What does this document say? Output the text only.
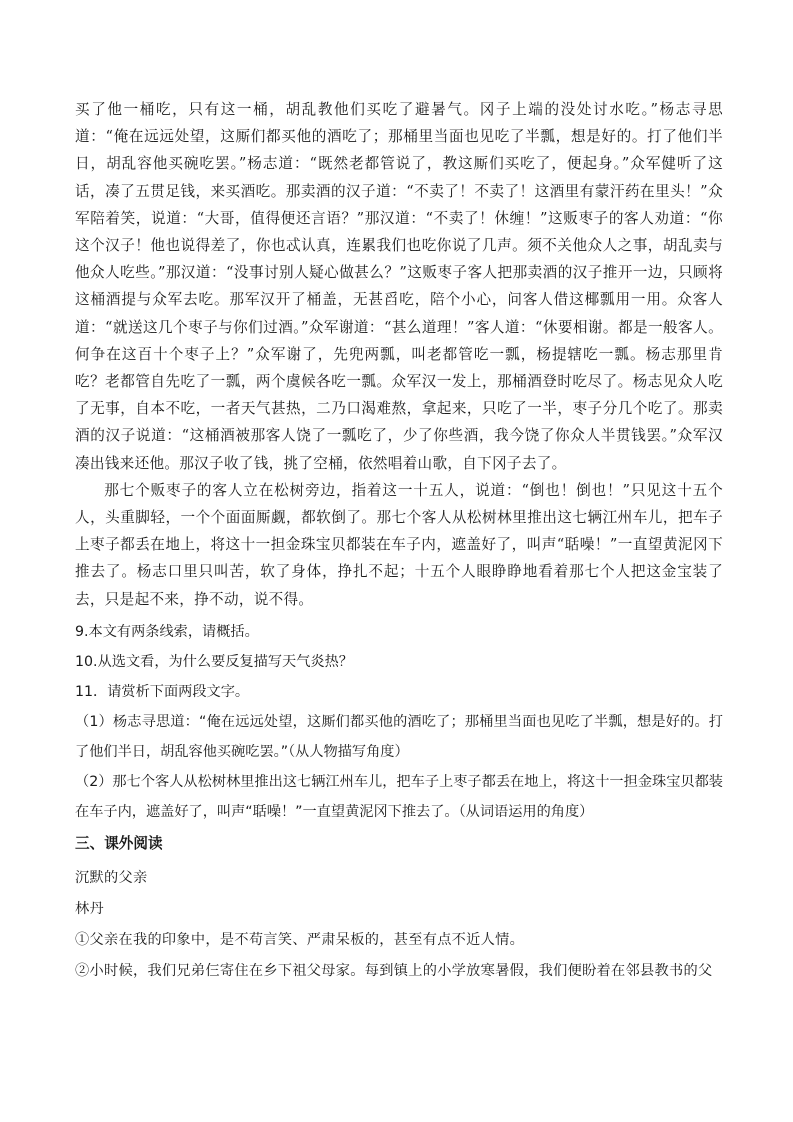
买了他一桶吃，只有这一桶，胡乱教他们买吃了避暑气。冈子上端的没处讨水吃。”杨志寻思道：“俺在远远处望，这厮们都买他的酒吃了；那桶里当面也见吃了半瓢，想是好的。打了他们半日，胡乱容他买碗吃罢。”杨志道：“既然老都管说了，教这厮们买吃了，便起身。”众军健听了这话，凑了五贯足钱，来买酒吃。那卖酒的汉子道：“不卖了！不卖了！这酒里有蒙汗药在里头！”众军陪着笑，说道：“大哥，值得便还言语？”那汉道：“不卖了！休缠！”这贩枣子的客人劝道：“你这个汉子！他也说得差了，你也忒认真，连累我们也吃你说了几声。须不关他众人之事，胡乱卖与他众人吃些。”那汉道：“没事讨别人疑心做甚么？”这贩枣子客人把那卖酒的汉子推开一边，只顾将这桶酒提与众军去吃。那军汉开了桶盖，无甚舀吃，陪个小心，问客人借这椰瓢用一用。众客人道：“就送这几个枣子与你们过酒。”众军谢道：“甚么道理！”客人道：“休要相谢。都是一般客人。何争在这百十个枣子上？”众军谢了，先兜两瓢，叫老都管吃一瓢，杨提辖吃一瓢。杨志那里肯吃？老都管自先吃了一瓢，两个虞候各吃一瓢。众军汉一发上，那桶酒登时吃尽了。杨志见众人吃了无事，自本不吃，一者天气甚热，二乃口渴难熬，拿起来，只吃了一半，枣子分几个吃了。那卖酒的汉子说道：“这桶酒被那客人饶了一瓢吃了，少了你些酒，我今饶了你众人半贯钱罢。”众军汉凑出钱来还他。那汉子收了钱，挑了空桶，依然唱着山歌，自下冈子去了。

那七个贩枣子的客人立在松树旁边，指着这一十五人，说道：“倒也！倒也！”只见这十五个人，头重脚轻，一个个面面厮觑，都软倒了。那七个客人从松树林里推出这七辆江州车儿，把车子上枣子都丢在地上，将这十一担金珠宝贝都装在车子内，遮盖好了，叫声“聒噪！”一直望黄泥冈下推去了。杨志口里只叫苦，软了身体，挣扎不起；十五个人眼睁睁地看着那七个人把这金宝装了去，只是起不来，挣不动，说不得。

9.本文有两条线索，请概括。

10.从选文看，为什么要反复描写天气炎热？

11．请赏析下面两段文字。

（1）杨志寻思道：“俺在远远处望，这厮们都买他的酒吃了；那桶里当面也见吃了半瓢，想是好的。打了他们半日，胡乱容他买碗吃罢。”（从人物描写角度）

（2）那七个客人从松树林里推出这七辆江州车儿，把车子上枣子都丢在地上，将这十一担金珠宝贝都装在车子内，遮盖好了，叫声“聒噪！”一直望黄泥冈下推去了。（从词语运用的角度）

三、课外阅读

沉默的父亲

林丹

①父亲在我的印象中，是不苟言笑、严肃呆板的，甚至有点不近人情。

②小时候，我们兄弟仨寄住在乡下祖父母家。每到镇上的小学放寒暑假，我们便盼着在邻县教书的父
